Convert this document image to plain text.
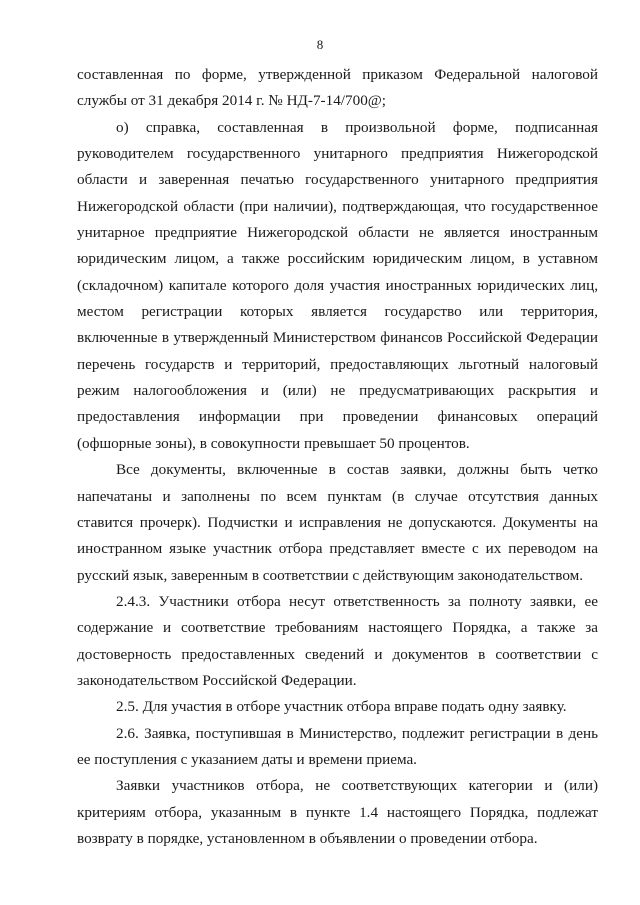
8

составленная по форме, утвержденной приказом Федеральной налоговой службы от 31 декабря 2014 г. № НД-7-14/700@;

о) справка, составленная в произвольной форме, подписанная руководителем государственного унитарного предприятия Нижегородской области и заверенная печатью государственного унитарного предприятия Нижегородской области (при наличии), подтверждающая, что государственное унитарное предприятие Нижегородской области не является иностранным юридическим лицом, а также российским юридическим лицом, в уставном (складочном) капитале которого доля участия иностранных юридических лиц, местом регистрации которых является государство или территория, включенные в утвержденный Министерством финансов Российской Федерации перечень государств и территорий, предоставляющих льготный налоговый режим налогообложения и (или) не предусматривающих раскрытия и предоставления информации при проведении финансовых операций (офшорные зоны), в совокупности превышает 50 процентов.

Все документы, включенные в состав заявки, должны быть четко напечатаны и заполнены по всем пунктам (в случае отсутствия данных ставится прочерк). Подчистки и исправления не допускаются. Документы на иностранном языке участник отбора представляет вместе с их переводом на русский язык, заверенным в соответствии с действующим законодательством.

2.4.3. Участники отбора несут ответственность за полноту заявки, ее содержание и соответствие требованиям настоящего Порядка, а также за достоверность предоставленных сведений и документов в соответствии с законодательством Российской Федерации.

2.5. Для участия в отборе участник отбора вправе подать одну заявку.

2.6. Заявка, поступившая в Министерство, подлежит регистрации в день ее поступления с указанием даты и времени приема.

Заявки участников отбора, не соответствующих категории и (или) критериям отбора, указанным в пункте 1.4 настоящего Порядка, подлежат возврату в порядке, установленном в объявлении о проведении отбора.
